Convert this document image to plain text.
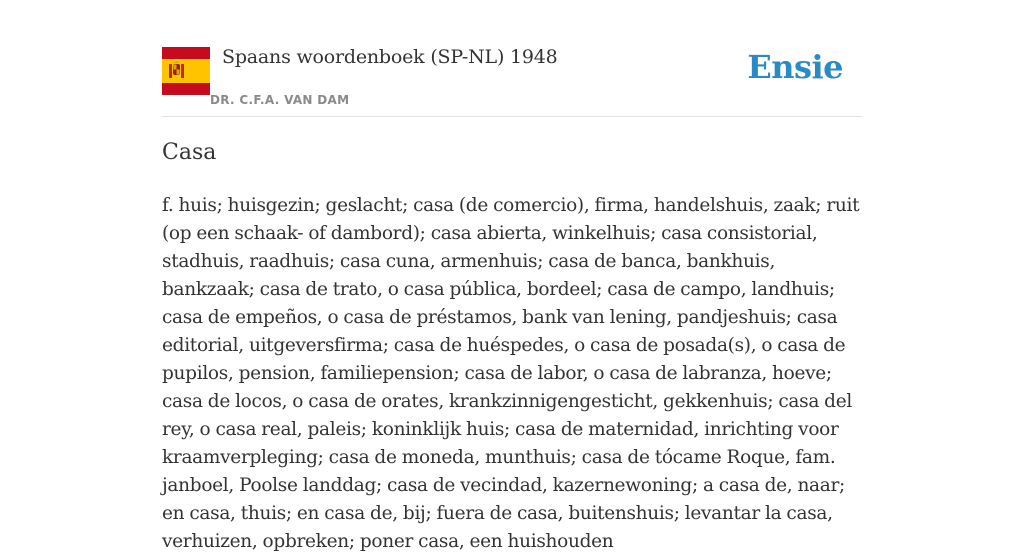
Spaans woordenboek (SP-NL) 1948
DR. C.F.A. VAN DAM
Ensie
Casa

f. huis; huisgezin; geslacht; casa (de comercio), firma, handelshuis, zaak; ruit (op een schaak- of dambord); casa abierta, winkelhuis; casa consistorial, stadhuis, raadhuis; casa cuna, armenhuis; casa de banca, bankhuis, bankzaak; casa de trato, o casa pública, bordeel; casa de campo, landhuis; casa de empeños, o casa de préstamos, bank van lening, pandjeshuis; casa editorial, uitgeversfirma; casa de huéspedes, o casa de posada(s), o casa de pupilos, pension, familiepension; casa de labor, o casa de labranza, hoeve; casa de locos, o casa de orates, krankzinnigengesticht, gekkenhuis; casa del rey, o casa real, paleis; koninklijk huis; casa de maternidad, inrichting voor kraamverpleging; casa de moneda, munthuis; casa de tócame Roque, fam. janboel, Poolse landdag; casa de vecindad, kazernewoning; a casa de, naar; en casa, thuis; en casa de, bij; fuera de casa, buitenshuis; levantar la casa, verhuizen, opbreken; poner casa, een huishouden
